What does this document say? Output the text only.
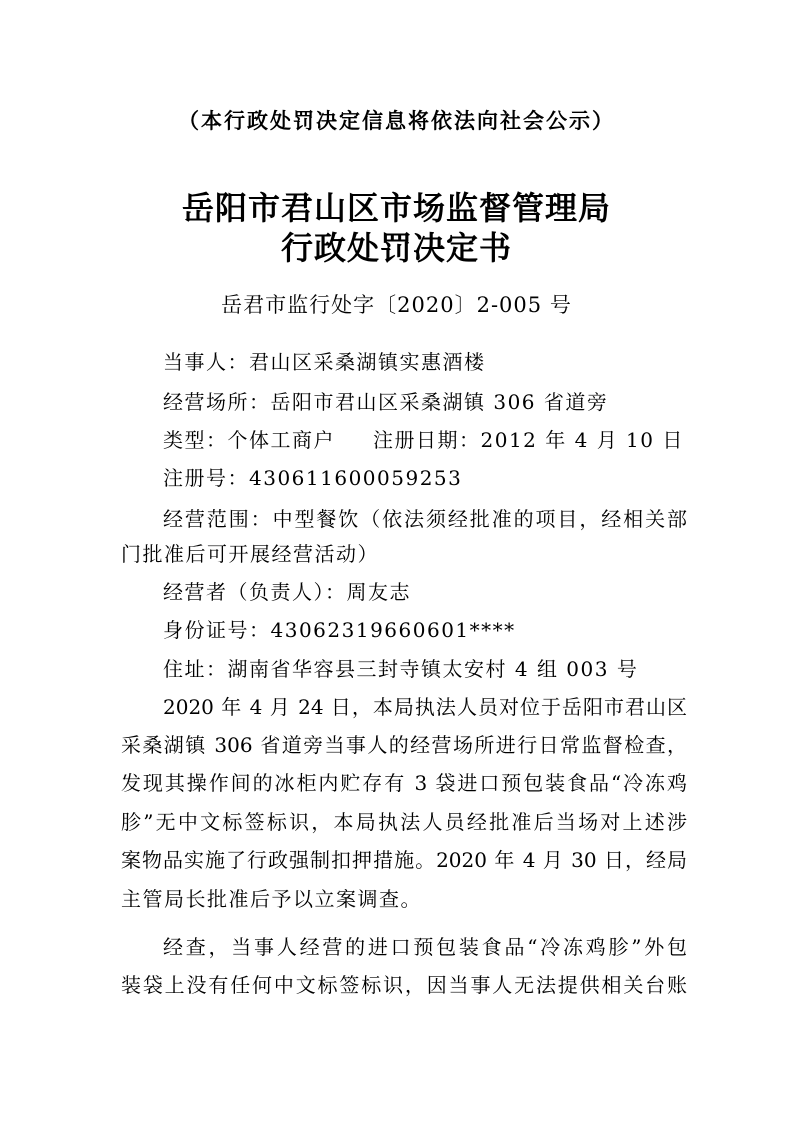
（本行政处罚决定信息将依法向社会公示）
岳阳市君山区市场监督管理局
行政处罚决定书
岳君市监行处字〔2020〕2-005 号
当事人：君山区采桑湖镇实惠酒楼
经营场所：岳阳市君山区采桑湖镇 306 省道旁
类型：个体工商户 注册日期：2012 年 4 月 10 日
注册号：430611600059253
经营范围：中型餐饮（依法须经批准的项目，经相关部
门批准后可开展经营活动）
经营者（负责人）：周友志
身份证号：43062319660601****
住址：湖南省华容县三封寺镇太安村 4 组 003 号
2020 年 4 月 24 日，本局执法人员对位于岳阳市君山区
采桑湖镇 306 省道旁当事人的经营场所进行日常监督检查，
发现其操作间的冰柜内贮存有 3 袋进口预包装食品“冷冻鸡
胗”无中文标签标识，本局执法人员经批准后当场对上述涉
案物品实施了行政强制扣押措施。2020 年 4 月 30 日，经局
主管局长批准后予以立案调查。
经查，当事人经营的进口预包装食品“冷冻鸡胗”外包
装袋上没有任何中文标签标识，因当事人无法提供相关台账
